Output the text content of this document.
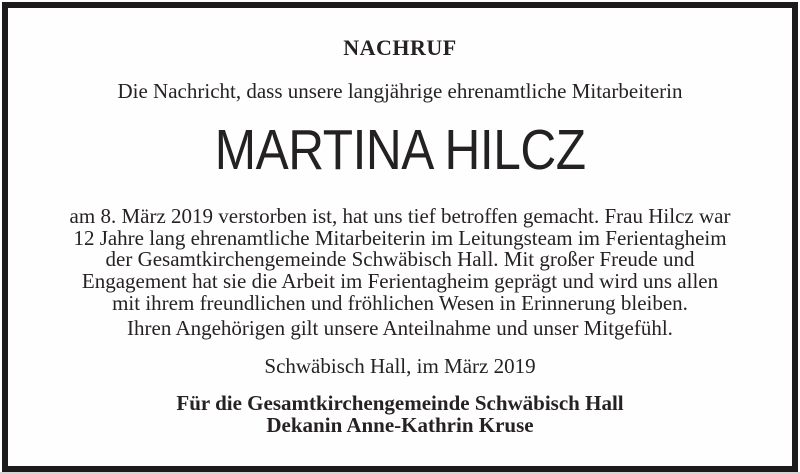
NACHRUF
Die Nachricht, dass unsere langjährige ehrenamtliche Mitarbeiterin
MARTINA HILCZ
am 8. März 2019 verstorben ist, hat uns tief betroffen gemacht. Frau Hilcz war
12 Jahre lang ehrenamtliche Mitarbeiterin im Leitungsteam im Ferientagheim
der Gesamtkirchengemeinde Schwäbisch Hall. Mit großer Freude und
Engagement hat sie die Arbeit im Ferientagheim geprägt und wird uns allen
mit ihrem freundlichen und fröhlichen Wesen in Erinnerung bleiben.
Ihren Angehörigen gilt unsere Anteilnahme und unser Mitgefühl.
Schwäbisch Hall, im März 2019
Für die Gesamtkirchengemeinde Schwäbisch Hall
Dekanin Anne-Kathrin Kruse
